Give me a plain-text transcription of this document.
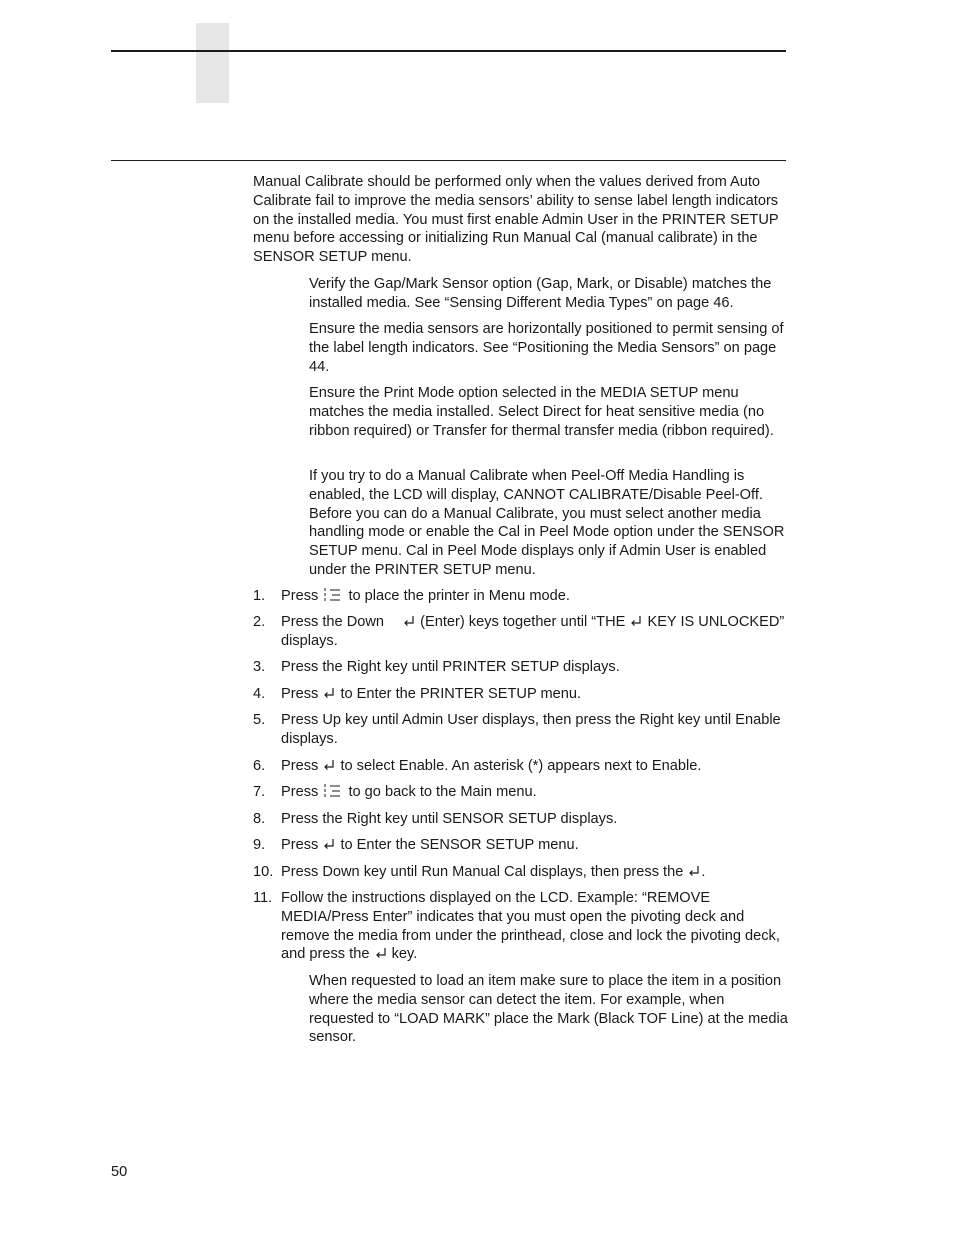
Manual Calibrate should be performed only when the values derived from Auto Calibrate fail to improve the media sensors’ ability to sense label length indicators on the installed media. You must first enable Admin User in the PRINTER SETUP menu before accessing or initializing Run Manual Cal (manual calibrate) in the SENSOR SETUP menu.

Verify the Gap/Mark Sensor option (Gap, Mark, or Disable) matches the installed media. See “Sensing Different Media Types” on page 46.

Ensure the media sensors are horizontally positioned to permit sensing of the label length indicators. See “Positioning the Media Sensors” on page 44.

Ensure the Print Mode option selected in the MEDIA SETUP menu matches the media installed. Select Direct for heat sensitive media (no ribbon required) or Transfer for thermal transfer media (ribbon required).

If you try to do a Manual Calibrate when Peel-Off Media Handling is enabled, the LCD will display, CANNOT CALIBRATE/Disable Peel-Off. Before you can do a Manual Calibrate, you must select another media handling mode or enable the Cal in Peel Mode option under the SENSOR SETUP menu. Cal in Peel Mode displays only if Admin User is enabled under the PRINTER SETUP menu.

1. Press to place the printer in Menu mode.
2. Press the Down (Enter) keys together until “THE KEY IS UNLOCKED” displays.
3. Press the Right key until PRINTER SETUP displays.
4. Press to Enter the PRINTER SETUP menu.
5. Press Up key until Admin User displays, then press the Right key until Enable displays.
6. Press to select Enable. An asterisk (*) appears next to Enable.
7. Press to go back to the Main menu.
8. Press the Right key until SENSOR SETUP displays.
9. Press to Enter the SENSOR SETUP menu.
10. Press Down key until Run Manual Cal displays, then press the .
11. Follow the instructions displayed on the LCD. Example: “REMOVE MEDIA/Press Enter” indicates that you must open the pivoting deck and remove the media from under the printhead, close and lock the pivoting deck, and press the key.

When requested to load an item make sure to place the item in a position where the media sensor can detect the item. For example, when requested to “LOAD MARK” place the Mark (Black TOF Line) at the media sensor.

50
